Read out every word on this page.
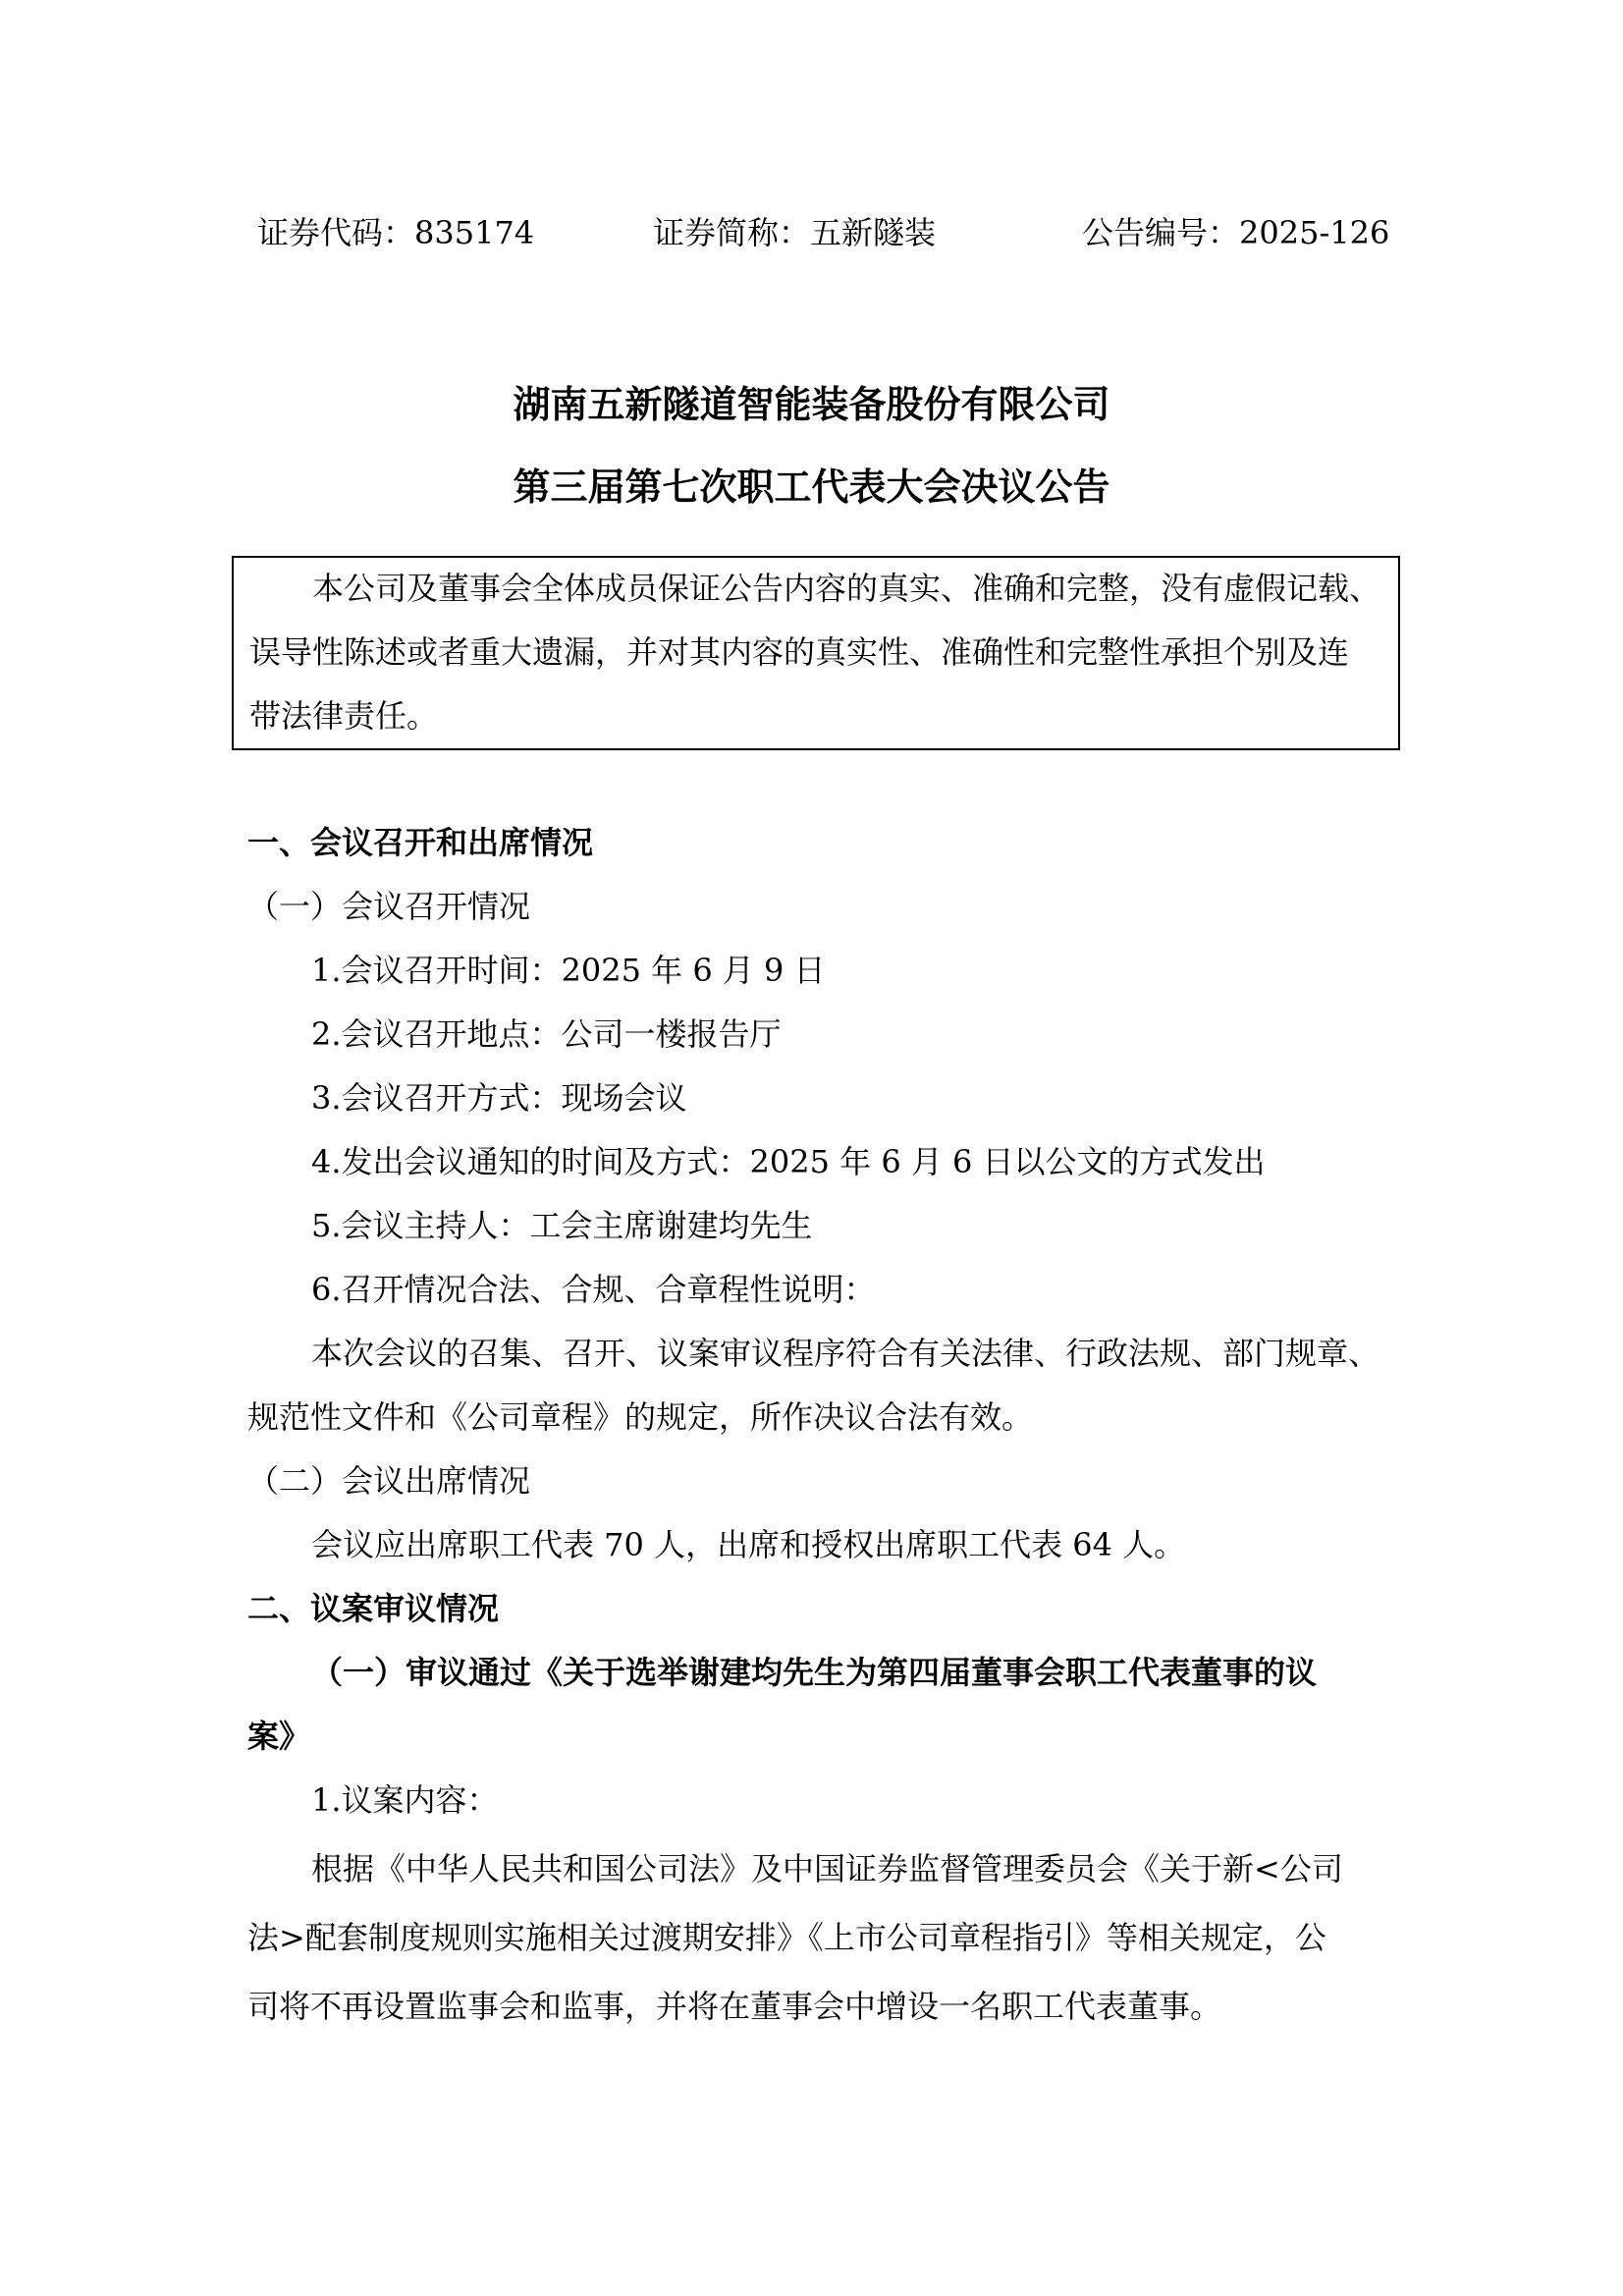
证券代码：835174	证券简称：五新隧装	公告编号：2025-126
湖南五新隧道智能装备股份有限公司
第三届第七次职工代表大会决议公告
本公司及董事会全体成员保证公告内容的真实、准确和完整，没有虚假记载、
误导性陈述或者重大遗漏，并对其内容的真实性、准确性和完整性承担个别及连
带法律责任。
一、会议召开和出席情况
（一）会议召开情况
1.会议召开时间：2025 年 6 月 9 日
2.会议召开地点：公司一楼报告厅
3.会议召开方式：现场会议
4.发出会议通知的时间及方式：2025 年 6 月 6 日以公文的方式发出
5.会议主持人：工会主席谢建均先生
6.召开情况合法、合规、合章程性说明：
本次会议的召集、召开、议案审议程序符合有关法律、行政法规、部门规章、
规范性文件和《公司章程》的规定，所作决议合法有效。
（二）会议出席情况
会议应出席职工代表 70 人，出席和授权出席职工代表 64 人。
二、议案审议情况
（一）审议通过《关于选举谢建均先生为第四届董事会职工代表董事的议
案》
1.议案内容：
根据《中华人民共和国公司法》及中国证券监督管理委员会《关于新<公司
法>配套制度规则实施相关过渡期安排》《上市公司章程指引》等相关规定，公
司将不再设置监事会和监事，并将在董事会中增设一名职工代表董事。
